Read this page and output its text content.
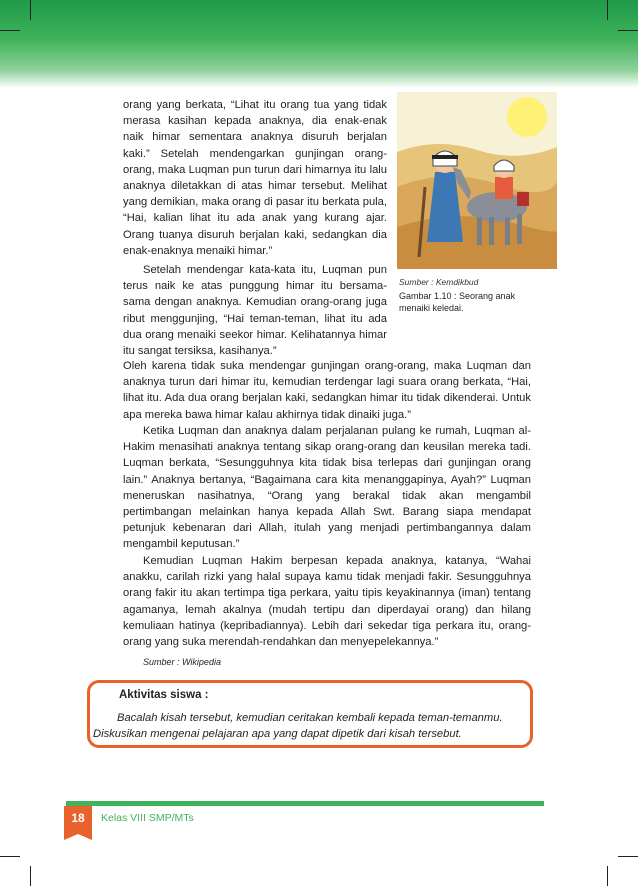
orang yang berkata, “Lihat itu orang tua yang tidak merasa kasihan kepada anaknya, dia enak-enak naik himar sementara anaknya disuruh berjalan kaki.” Setelah mendengarkan gunjingan orang-orang, maka Luqman pun turun dari himarnya itu lalu anaknya diletakkan di atas himar tersebut. Melihat yang demikian, maka orang di pasar itu berkata pula, “Hai, kalian lihat itu ada anak yang kurang ajar. Orang tuanya disuruh berjalan kaki, sedangkan dia enak-enaknya menaiki himar.”

Setelah mendengar kata-kata itu, Luqman pun terus naik ke atas punggung himar itu bersama-sama dengan anaknya. Kemudian orang-orang juga ribut menggunjing, “Hai teman-teman, lihat itu ada dua orang menaiki seekor himar. Kelihatannya himar itu sangat tersiksa, kasihanya.”

Sumber : Kemdikbud
Gambar 1.10 : Seorang anak menaiki keledai.

Oleh karena tidak suka mendengar gunjingan orang-orang, maka Luqman dan anaknya turun dari himar itu, kemudian terdengar lagi suara orang berkata, “Hai, lihat itu. Ada dua orang berjalan kaki, sedangkan himar itu tidak dikenderai. Untuk apa mereka bawa himar kalau akhirnya tidak dinaiki juga.”

Ketika Luqman dan anaknya dalam perjalanan pulang ke rumah, Luqman al-Hakim menasihati anaknya tentang sikap orang-orang dan keusilan mereka tadi. Luqman berkata, “Sesungguhnya kita tidak bisa terlepas dari gunjingan orang lain.” Anaknya bertanya, “Bagaimana cara kita menanggapinya, Ayah?” Luqman meneruskan nasihatnya, “Orang yang berakal tidak akan mengambil pertimbangan melainkan hanya kepada Allah Swt. Barang siapa mendapat petunjuk kebenaran dari Allah, itulah yang menjadi pertimbangannya dalam mengambil keputusan.”

Kemudian Luqman Hakim berpesan kepada anaknya, katanya, “Wahai anakku, carilah rizki yang halal supaya kamu tidak menjadi fakir. Sesungguhnya orang fakir itu akan tertimpa tiga perkara, yaitu tipis keyakinannya (iman) tentang agamanya, lemah akalnya (mudah tertipu dan diperdayai orang) dan hilang kemuliaan hatinya (kepribadiannya). Lebih dari sekedar tiga perkara itu, orang-orang yang suka merendah-rendahkan dan menyepelekannya.”

Sumber : Wikipedia
Aktivitas siswa :
Bacalah kisah tersebut, kemudian ceritakan kembali kepada teman-temanmu. Diskusikan mengenai pelajaran apa yang dapat dipetik dari kisah tersebut.
18	Kelas VIII SMP/MTs
